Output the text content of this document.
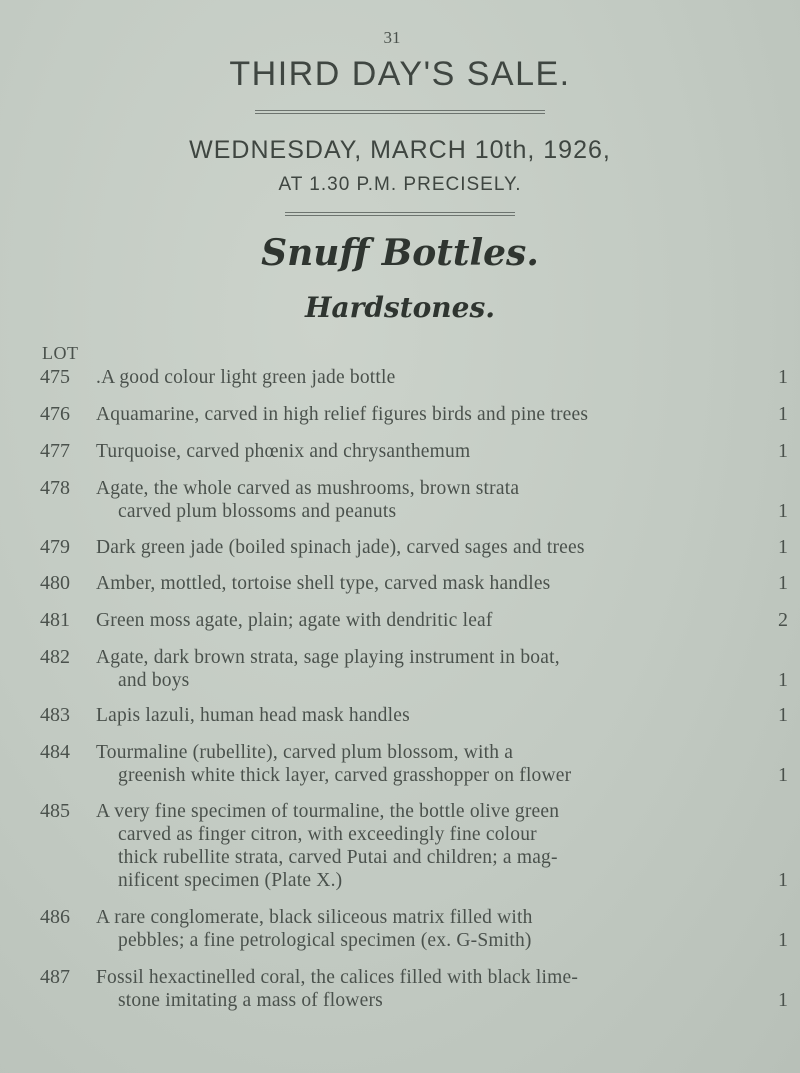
31
THIRD DAY'S SALE.
WEDNESDAY, MARCH 10th, 1926,
AT 1.30 P.M. PRECISELY.
Snuff Bottles.
Hardstones.
LOT
475 .A good colour light green jade bottle	1
476 Aquamarine, carved in high relief figures birds and pine trees	1
477 Turquoise, carved phœnix and chrysanthemum	1
478 Agate, the whole carved as mushrooms, brown strata
carved plum blossoms and peanuts	1
479 Dark green jade (boiled spinach jade), carved sages and trees	1
480 Amber, mottled, tortoise shell type, carved mask handles	1
481 Green moss agate, plain; agate with dendritic leaf	2
482 Agate, dark brown strata, sage playing instrument in boat,
and boys	1
483 Lapis lazuli, human head mask handles	1
484 Tourmaline (rubellite), carved plum blossom, with a
greenish white thick layer, carved grasshopper on flower	1
485 A very fine specimen of tourmaline, the bottle olive green
carved as finger citron, with exceedingly fine colour
thick rubellite strata, carved Putai and children; a mag-
nificent specimen (Plate X.)	1
486 A rare conglomerate, black siliceous matrix filled with
pebbles; a fine petrological specimen (ex. G-Smith)	1
487 Fossil hexactinelled coral, the calices filled with black lime-
stone imitating a mass of flowers	1
